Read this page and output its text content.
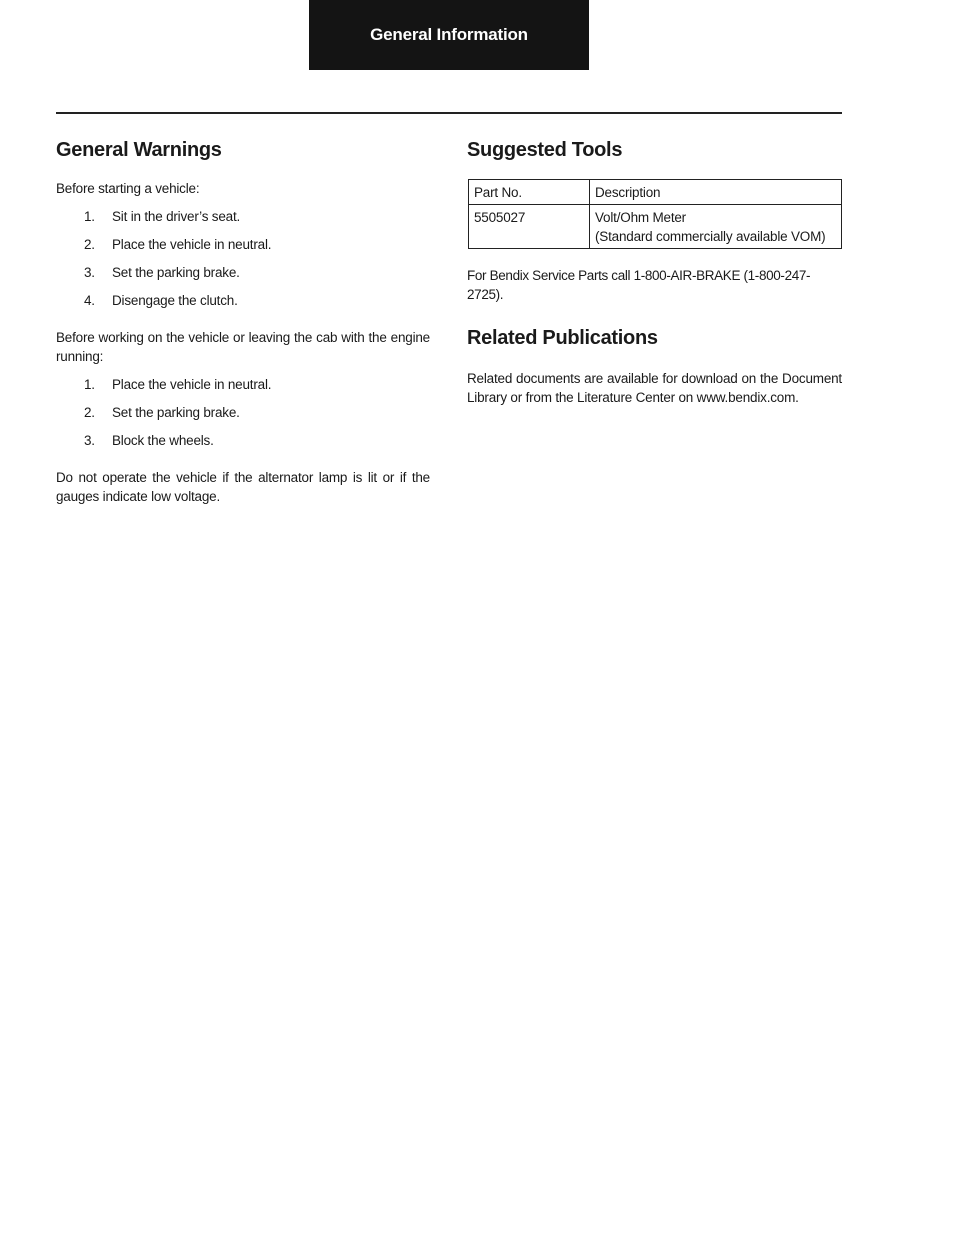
General Information
General Warnings

Before starting a vehicle:

1. Sit in the driver’s seat.
2. Place the vehicle in neutral.
3. Set the parking brake.
4. Disengage the clutch.

Before working on the vehicle or leaving the cab with the engine running:

1. Place the vehicle in neutral.
2. Set the parking brake.
3. Block the wheels.

Do not operate the vehicle if the alternator lamp is lit or if the gauges indicate low voltage.

Suggested Tools
Part No.	Description
5505027	Volt/Ohm Meter
(Standard commercially available VOM)

For Bendix Service Parts call 1-800-AIR-BRAKE (1-800-247-2725).

Related Publications

Related documents are available for download on the Document Library or from the Literature Center on www.bendix.com.
